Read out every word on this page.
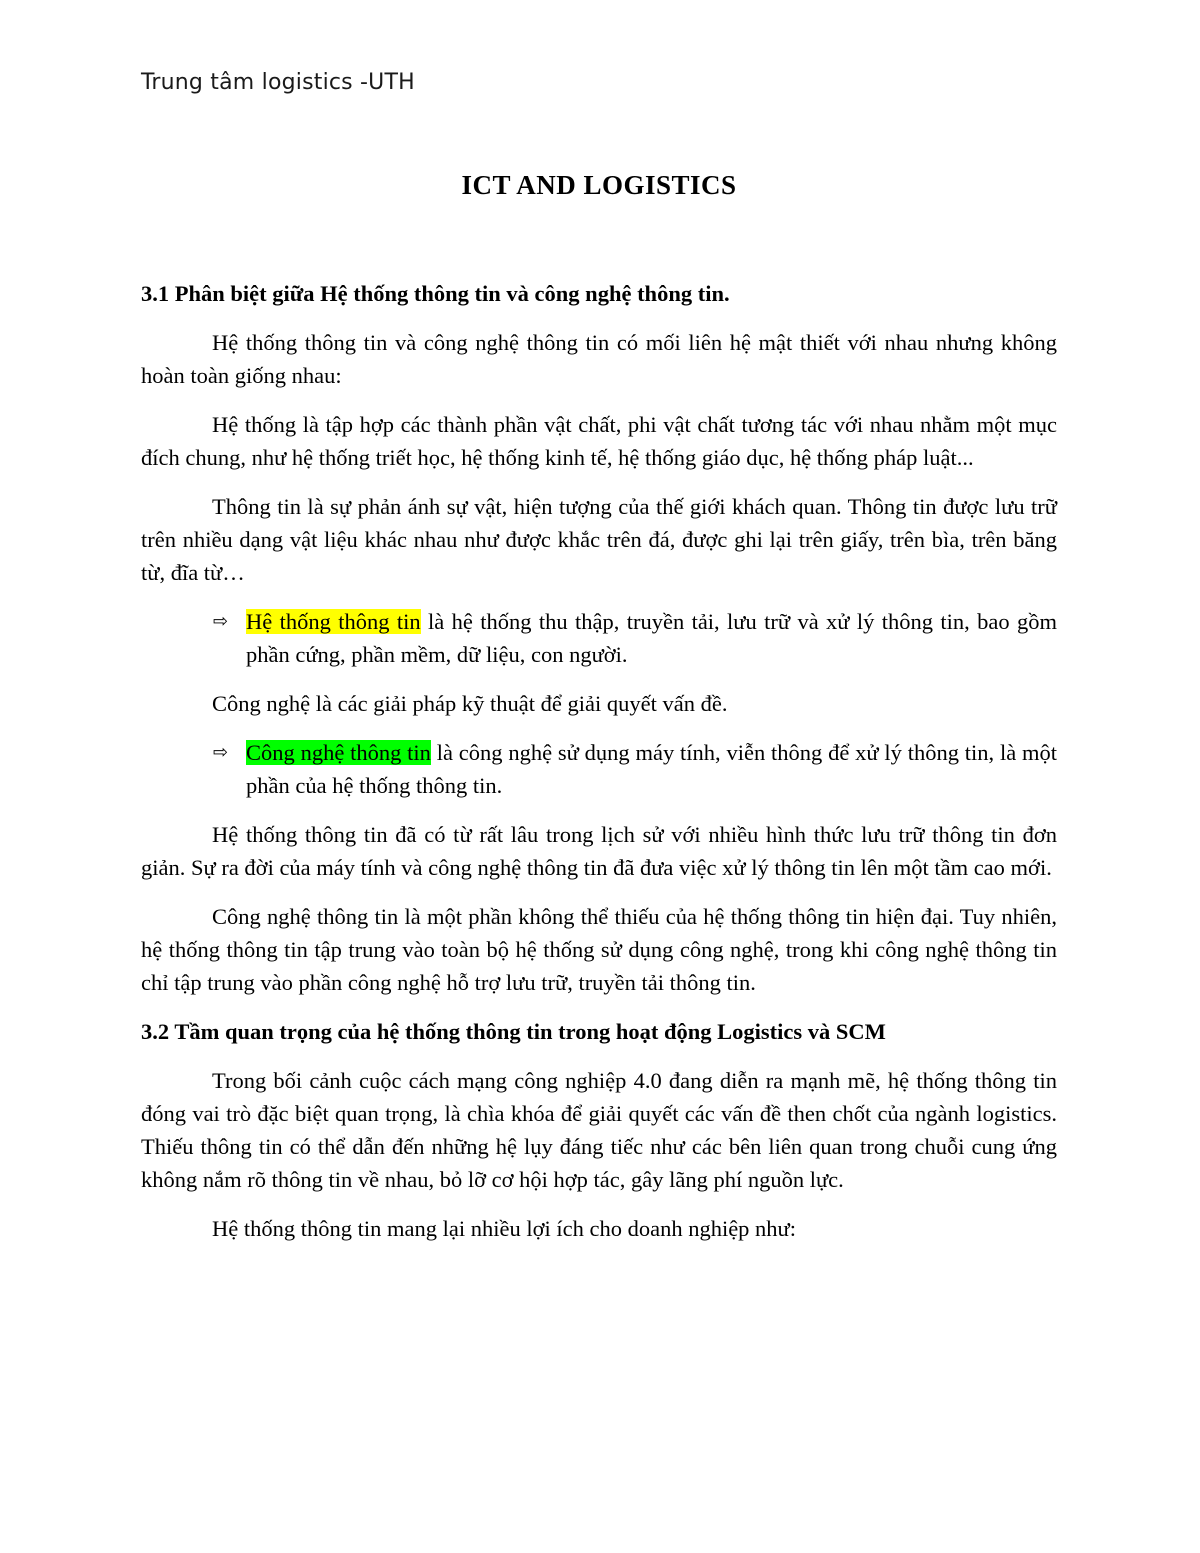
Trung tâm logistics -UTH
ICT AND LOGISTICS
3.1 Phân biệt giữa Hệ thống thông tin và công nghệ thông tin.

Hệ thống thông tin và công nghệ thông tin có mối liên hệ mật thiết với nhau nhưng không hoàn toàn giống nhau:

Hệ thống là tập hợp các thành phần vật chất, phi vật chất tương tác với nhau nhằm một mục đích chung, như hệ thống triết học, hệ thống kinh tế, hệ thống giáo dục, hệ thống pháp luật...

Thông tin là sự phản ánh sự vật, hiện tượng của thế giới khách quan. Thông tin được lưu trữ trên nhiều dạng vật liệu khác nhau như được khắc trên đá, được ghi lại trên giấy, trên bìa, trên băng từ, đĩa từ…

⇨ Hệ thống thông tin là hệ thống thu thập, truyền tải, lưu trữ và xử lý thông tin, bao gồm phần cứng, phần mềm, dữ liệu, con người.

Công nghệ là các giải pháp kỹ thuật để giải quyết vấn đề.

⇨ Công nghệ thông tin là công nghệ sử dụng máy tính, viễn thông để xử lý thông tin, là một phần của hệ thống thông tin.

Hệ thống thông tin đã có từ rất lâu trong lịch sử với nhiều hình thức lưu trữ thông tin đơn giản. Sự ra đời của máy tính và công nghệ thông tin đã đưa việc xử lý thông tin lên một tầm cao mới.

Công nghệ thông tin là một phần không thể thiếu của hệ thống thông tin hiện đại. Tuy nhiên, hệ thống thông tin tập trung vào toàn bộ hệ thống sử dụng công nghệ, trong khi công nghệ thông tin chỉ tập trung vào phần công nghệ hỗ trợ lưu trữ, truyền tải thông tin.

3.2 Tầm quan trọng của hệ thống thông tin trong hoạt động Logistics và SCM

Trong bối cảnh cuộc cách mạng công nghiệp 4.0 đang diễn ra mạnh mẽ, hệ thống thông tin đóng vai trò đặc biệt quan trọng, là chìa khóa để giải quyết các vấn đề then chốt của ngành logistics. Thiếu thông tin có thể dẫn đến những hệ lụy đáng tiếc như các bên liên quan trong chuỗi cung ứng không nắm rõ thông tin về nhau, bỏ lỡ cơ hội hợp tác, gây lãng phí nguồn lực.

Hệ thống thông tin mang lại nhiều lợi ích cho doanh nghiệp như:
